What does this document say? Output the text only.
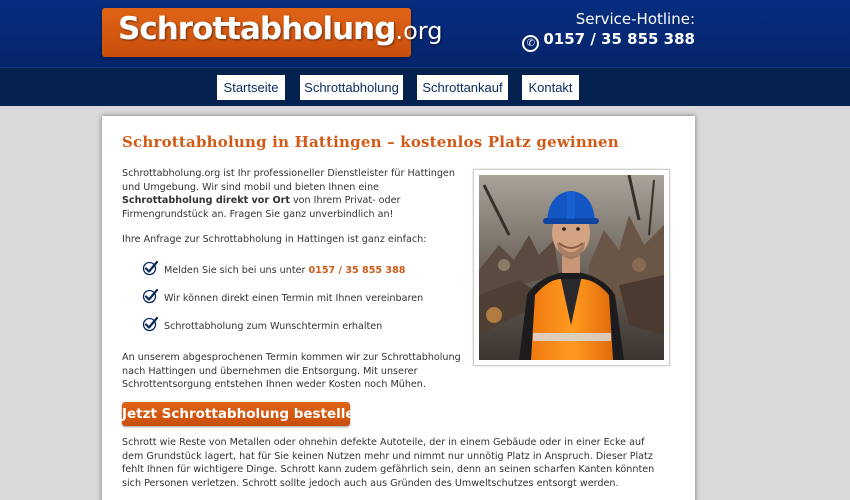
Schrottabholung.org	Service-Hotline:
✆ 0157 / 35 855 388
Startseite	Schrottabholung	Schrottankauf	Kontakt
Schrottabholung in Hattingen – kostenlos Platz gewinnen

Schrottabholung.org ist Ihr professioneller Dienstleister für Hattingen und Umgebung. Wir sind mobil und bieten Ihnen eine Schrottabholung direkt vor Ort von Ihrem Privat- oder Firmengrundstück an. Fragen Sie ganz unverbindlich an!

Ihre Anfrage zur Schrottabholung in Hattingen ist ganz einfach:

Melden Sie sich bei uns unter 0157 / 35 855 388
Wir können direkt einen Termin mit Ihnen vereinbaren
Schrottabholung zum Wunschtermin erhalten

An unserem abgesprochenen Termin kommen wir zur Schrottabholung nach Hattingen und übernehmen die Entsorgung. Mit unserer Schrottentsorgung entstehen Ihnen weder Kosten noch Mühen.

Jetzt Schrottabholung bestellen!

Schrott wie Reste von Metallen oder ohnehin defekte Autoteile, der in einem Gebäude oder in einer Ecke auf dem Grundstück lagert, hat für Sie keinen Nutzen mehr und nimmt nur unnötig Platz in Anspruch. Dieser Platz fehlt Ihnen für wichtigere Dinge. Schrott kann zudem gefährlich sein, denn an seinen scharfen Kanten könnten sich Personen verletzen. Schrott sollte jedoch auch aus Gründen des Umweltschutzes entsorgt werden.
